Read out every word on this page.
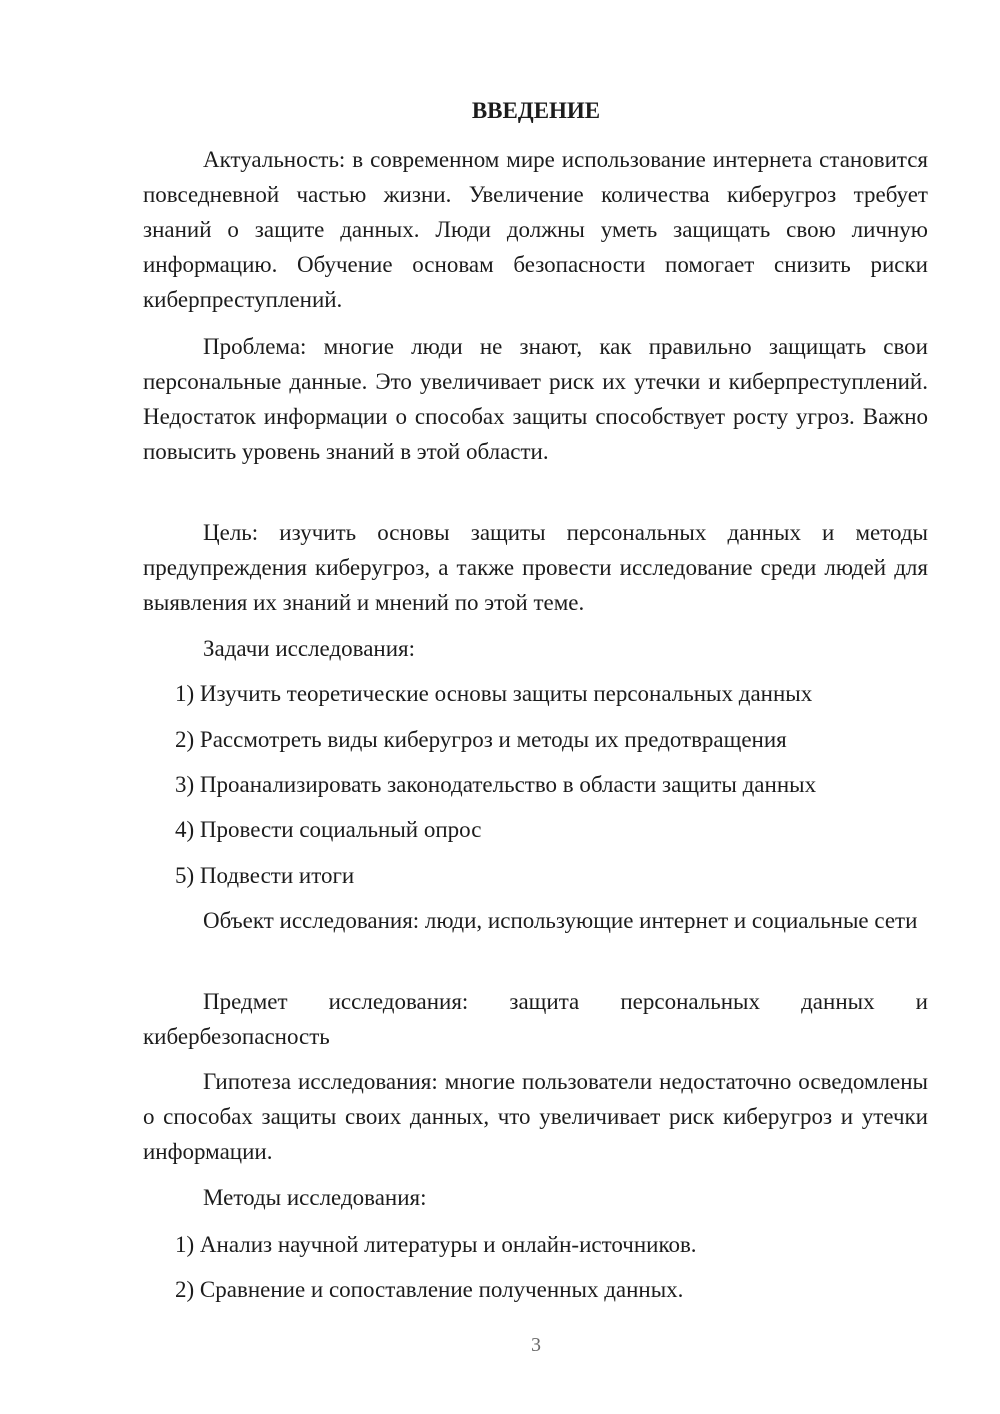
ВВЕДЕНИЕ

Актуальность: в современном мире использование интернета становится повседневной частью жизни. Увеличение количества киберугроз требует знаний о защите данных. Люди должны уметь защищать свою личную информацию. Обучение основам безопасности помогает снизить риски киберпреступлений.

Проблема: многие люди не знают, как правильно защищать свои персональные данные. Это увеличивает риск их утечки и киберпреступлений. Недостаток информации о способах защиты способствует росту угроз. Важно повысить уровень знаний в этой области.

Цель: изучить основы защиты персональных данных и методы предупреждения киберугроз, а также провести исследование среди людей для выявления их знаний и мнений по этой теме.

Задачи исследования:

1) Изучить теоретические основы защиты персональных данных

2) Рассмотреть виды киберугроз и методы их предотвращения

3) Проанализировать законодательство в области защиты данных

4) Провести социальный опрос

5) Подвести итоги

Объект исследования: люди, использующие интернет и социальные сети

Предмет исследования: защита персональных данных и кибербезопасность

Гипотеза исследования: многие пользователи недостаточно осведомлены о способах защиты своих данных, что увеличивает риск киберугроз и утечки информации.

Методы исследования:

1) Анализ научной литературы и онлайн-источников.

2) Сравнение и сопоставление полученных данных.

3
